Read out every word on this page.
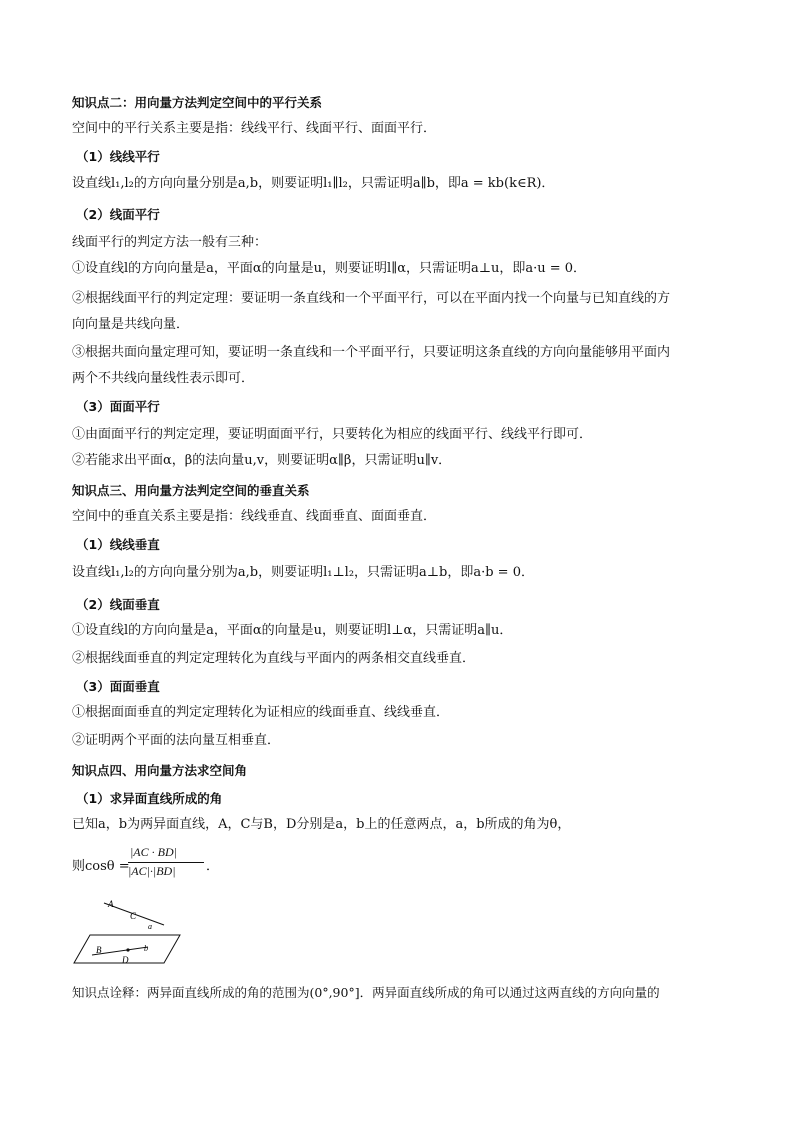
知识点二：用向量方法判定空间中的平行关系
空间中的平行关系主要是指：线线平行、线面平行、面面平行．
（1）线线平行
设直线l₁,l₂的方向向量分别是a,b，则要证明l₁∥l₂，只需证明a∥b，即a = kb(k∈R)．
（2）线面平行
线面平行的判定方法一般有三种：
①设直线l的方向向量是a，平面α的向量是u，则要证明l∥α，只需证明a⊥u，即a·u = 0．
②根据线面平行的判定定理：要证明一条直线和一个平面平行，可以在平面内找一个向量与已知直线的方
向向量是共线向量．
③根据共面向量定理可知，要证明一条直线和一个平面平行，只要证明这条直线的方向向量能够用平面内
两个不共线向量线性表示即可．
（3）面面平行
①由面面平行的判定定理，要证明面面平行，只要转化为相应的线面平行、线线平行即可．
②若能求出平面α，β的法向量u,v，则要证明α∥β，只需证明u∥v．
知识点三、用向量方法判定空间的垂直关系
空间中的垂直关系主要是指：线线垂直、线面垂直、面面垂直．
（1）线线垂直
设直线l₁,l₂的方向向量分别为a,b，则要证明l₁⊥l₂，只需证明a⊥b，即a·b = 0．
（2）线面垂直
①设直线l的方向向量是a，平面α的向量是u，则要证明l⊥α，只需证明a∥u．
②根据线面垂直的判定定理转化为直线与平面内的两条相交直线垂直．
（3）面面垂直
①根据面面垂直的判定定理转化为证相应的线面垂直、线线垂直．
②证明两个平面的法向量互相垂直．
知识点四、用向量方法求空间角
（1）求异面直线所成的角
已知a，b为两异面直线，A，C与B，D分别是a，b上的任意两点，a，b所成的角为θ，
则cosθ =
|AC · BD|
|AC|·|BD| ．
A
C
a
B	b
D
知识点诠释：两异面直线所成的角的范围为(0°,90°]．两异面直线所成的角可以通过这两直线的方向向量的
